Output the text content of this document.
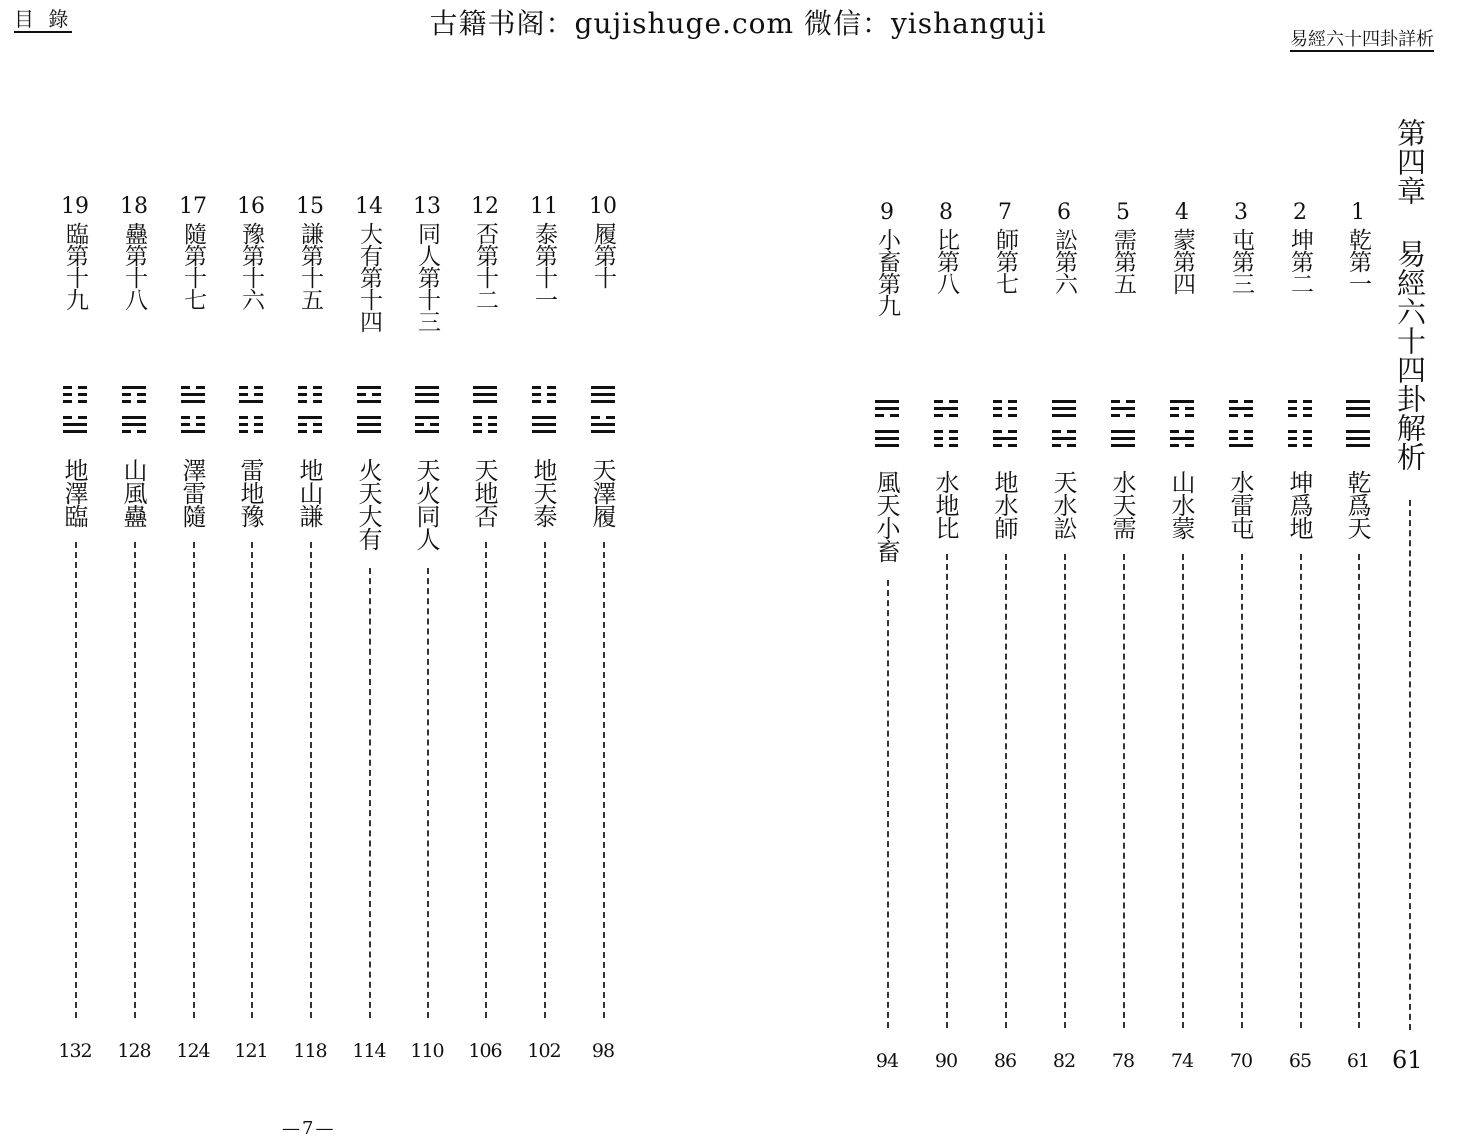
目 錄	古籍书阁：gujishuge.com 微信：yishanguji	易經六十四卦詳析
第四章 易經六十四卦解析
61
1
乾第一
乾爲天
61
2
坤第二
坤爲地
65
3
屯第三
水雷屯
70
4
蒙第四
山水蒙
74
5
需第五
水天需
78
6
訟第六
天水訟
82
7
師第七
地水師
86
8
比第八
水地比
90
9
小畜第九
風天小畜
94
10
履第十
天澤履
98
11
泰第十一
地天泰
102
12
否第十二
天地否
106
13
同人第十三
天火同人
110
14
大有第十四
火天大有
114
15
謙第十五
地山謙
118
16
豫第十六
雷地豫
121
17
隨第十七
澤雷隨
124
18
蠱第十八
山風蠱
128
19
臨第十九
地澤臨
132
—7—
